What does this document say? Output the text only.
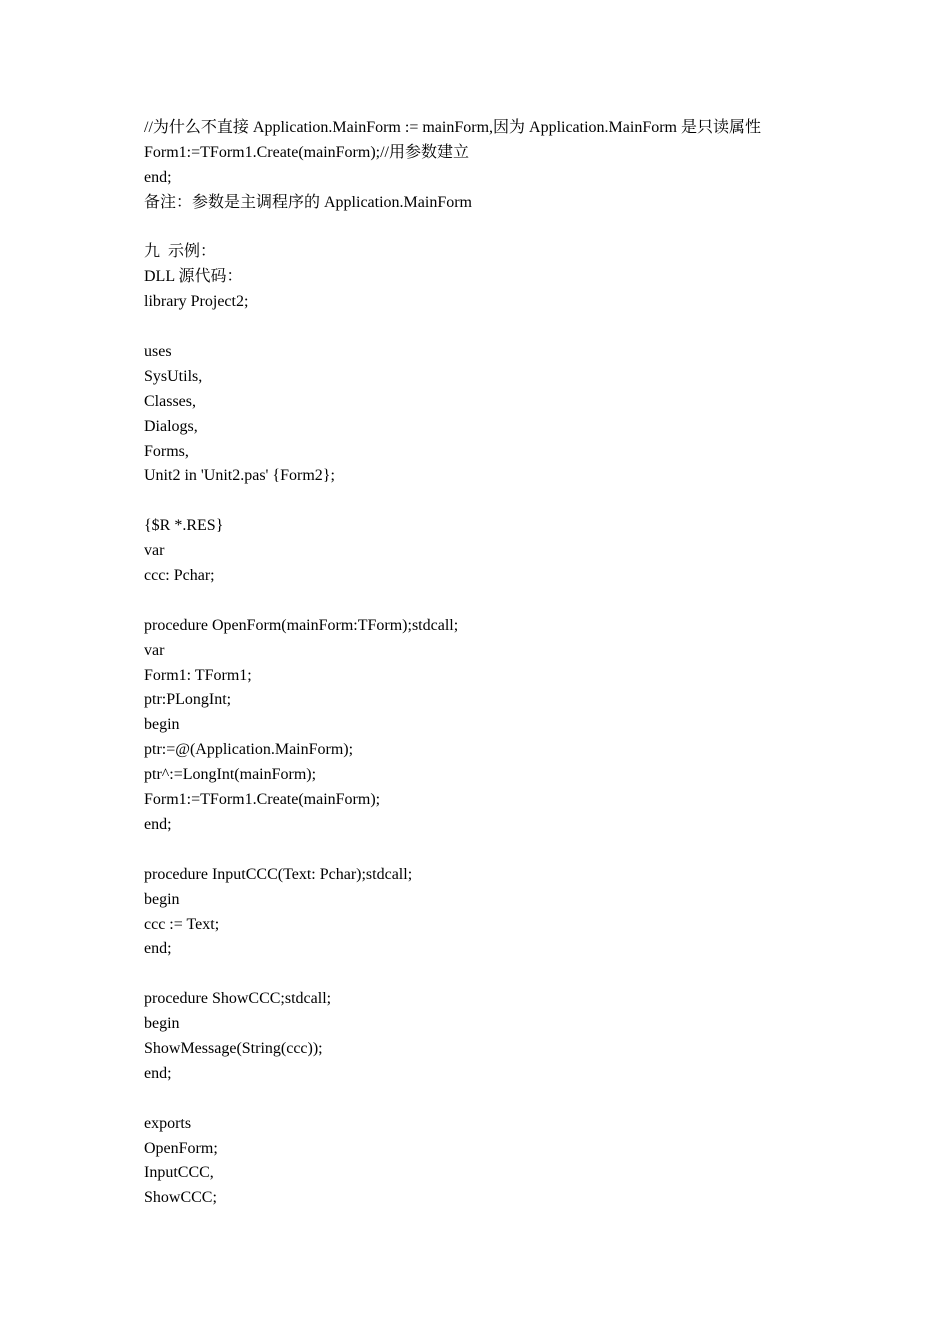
//为什么不直接 Application.MainForm := mainForm,因为 Application.MainForm 是只读属性
Form1:=TForm1.Create(mainForm);//用参数建立
end;
备注：参数是主调程序的 Application.MainForm
九  示例：
DLL 源代码：
library Project2;
uses
SysUtils,
Classes,
Dialogs,
Forms,
Unit2 in 'Unit2.pas' {Form2};
{$R *.RES}
var
ccc: Pchar;
procedure OpenForm(mainForm:TForm);stdcall;
var
Form1: TForm1;
ptr:PLongInt;
begin
ptr:=@(Application.MainForm);
ptr^:=LongInt(mainForm);
Form1:=TForm1.Create(mainForm);
end;
procedure InputCCC(Text: Pchar);stdcall;
begin
ccc := Text;
end;
procedure ShowCCC;stdcall;
begin
ShowMessage(String(ccc));
end;
exports
OpenForm;
InputCCC,
ShowCCC;
